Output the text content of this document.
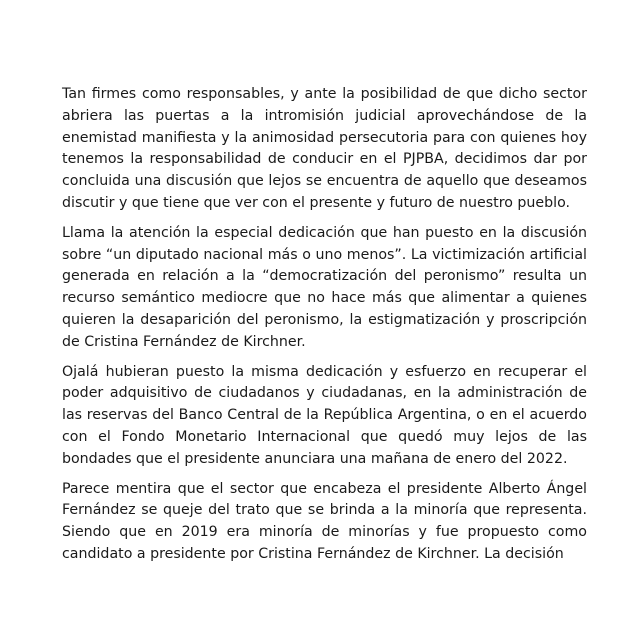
Tan firmes como responsables, y ante la posibilidad de que dicho sector abriera las puertas a la intromisión judicial aprovechándose de la enemistad manifiesta y la animosidad persecutoria para con quienes hoy tenemos la responsabilidad de conducir en el PJPBA, decidimos dar por concluida una discusión que lejos se encuentra de aquello que deseamos discutir y que tiene que ver con el presente y futuro de nuestro pueblo.

Llama la atención la especial dedicación que han puesto en la discusión sobre “un diputado nacional más o uno menos”. La victimización artificial generada en relación a la “democratización del peronismo” resulta un recurso semántico mediocre que no hace más que alimentar a quienes quieren la desaparición del peronismo, la estigmatización y proscripción de Cristina Fernández de Kirchner.

Ojalá hubieran puesto la misma dedicación y esfuerzo en recuperar el poder adquisitivo de ciudadanos y ciudadanas, en la administración de las reservas del Banco Central de la República Argentina, o en el acuerdo con el Fondo Monetario Internacional que quedó muy lejos de las bondades que el presidente anunciara una mañana de enero del 2022.

Parece mentira que el sector que encabeza el presidente Alberto Ángel Fernández se queje del trato que se brinda a la minoría que representa. Siendo que en 2019 era minoría de minorías y fue propuesto como candidato a presidente por Cristina Fernández de Kirchner. La decisión
